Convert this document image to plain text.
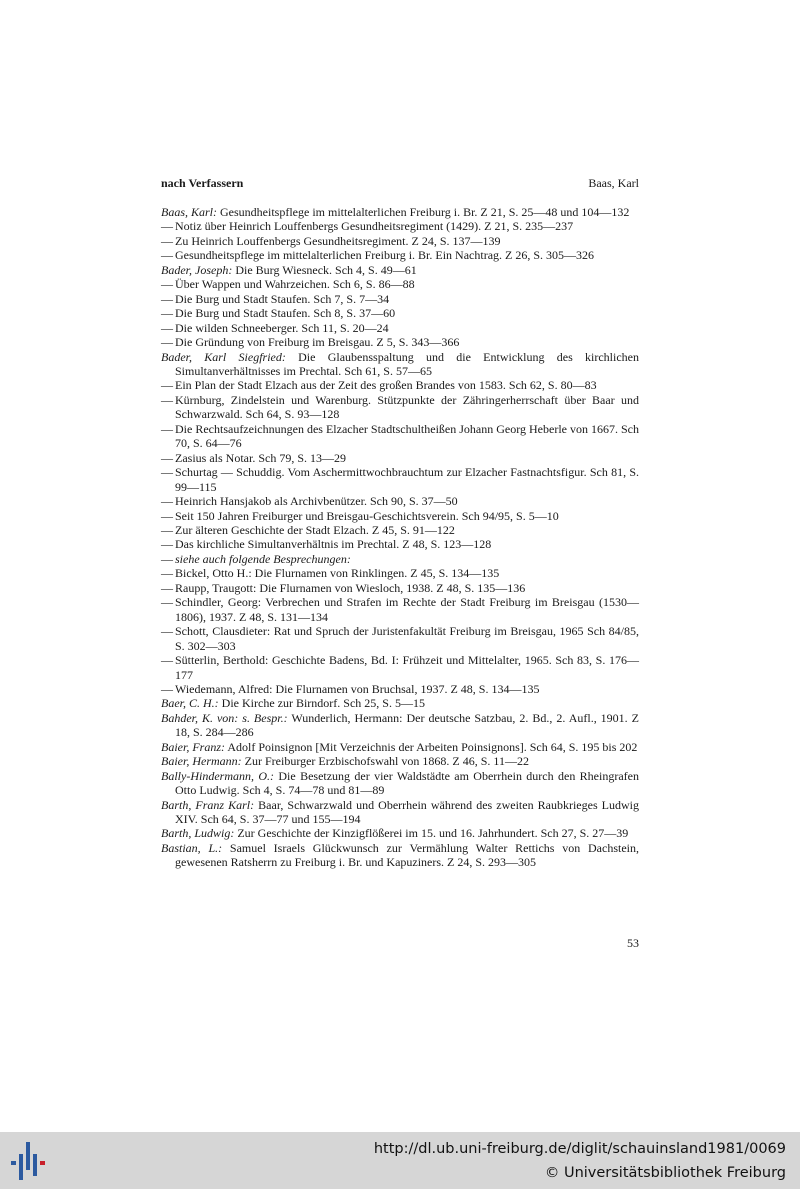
nach Verfassern	Baas, Karl

Baas, Karl: Gesundheitspflege im mittelalterlichen Freiburg i. Br. Z 21, S. 25—48 und 104—132

— Notiz über Heinrich Louffenbergs Gesundheitsregiment (1429). Z 21, S. 235—237

— Zu Heinrich Louffenbergs Gesundheitsregiment. Z 24, S. 137—139

— Gesundheitspflege im mittelalterlichen Freiburg i. Br. Ein Nachtrag. Z 26, S. 305—326

Bader, Joseph: Die Burg Wiesneck. Sch 4, S. 49—61

— Über Wappen und Wahrzeichen. Sch 6, S. 86—88

— Die Burg und Stadt Staufen. Sch 7, S. 7—34

— Die Burg und Stadt Staufen. Sch 8, S. 37—60

— Die wilden Schneeberger. Sch 11, S. 20—24

— Die Gründung von Freiburg im Breisgau. Z 5, S. 343—366

Bader, Karl Siegfried: Die Glaubensspaltung und die Entwicklung des kirchlichen Simultanverhältnisses im Prechtal. Sch 61, S. 57—65

— Ein Plan der Stadt Elzach aus der Zeit des großen Brandes von 1583. Sch 62, S. 80—83

— Kürnburg, Zindelstein und Warenburg. Stützpunkte der Zähringerherrschaft über Baar und Schwarzwald. Sch 64, S. 93—128

— Die Rechtsaufzeichnungen des Elzacher Stadtschultheißen Johann Georg Heberle von 1667. Sch 70, S. 64—76

— Zasius als Notar. Sch 79, S. 13—29

— Schurtag — Schuddig. Vom Aschermittwochbrauchtum zur Elzacher Fastnachtsfigur. Sch 81, S. 99—115

— Heinrich Hansjakob als Archivbenützer. Sch 90, S. 37—50

— Seit 150 Jahren Freiburger und Breisgau-Geschichtsverein. Sch 94/95, S. 5—10

— Zur älteren Geschichte der Stadt Elzach. Z 45, S. 91—122

— Das kirchliche Simultanverhältnis im Prechtal. Z 48, S. 123—128

— siehe auch folgende Besprechungen:

— Bickel, Otto H.: Die Flurnamen von Rinklingen. Z 45, S. 134—135

— Raupp, Traugott: Die Flurnamen von Wiesloch, 1938. Z 48, S. 135—136

— Schindler, Georg: Verbrechen und Strafen im Rechte der Stadt Freiburg im Breisgau (1530—1806), 1937. Z 48, S. 131—134

— Schott, Clausdieter: Rat und Spruch der Juristenfakultät Freiburg im Breisgau, 1965 Sch 84/85, S. 302—303

— Sütterlin, Berthold: Geschichte Badens, Bd. I: Frühzeit und Mittelalter, 1965. Sch 83, S. 176—177

— Wiedemann, Alfred: Die Flurnamen von Bruchsal, 1937. Z 48, S. 134—135

Baer, C. H.: Die Kirche zur Birndorf. Sch 25, S. 5—15

Bahder, K. von: s. Bespr.: Wunderlich, Hermann: Der deutsche Satzbau, 2. Bd., 2. Aufl., 1901. Z 18, S. 284—286

Baier, Franz: Adolf Poinsignon [Mit Verzeichnis der Arbeiten Poinsignons]. Sch 64, S. 195 bis 202

Baier, Hermann: Zur Freiburger Erzbischofswahl von 1868. Z 46, S. 11—22

Bally-Hindermann, O.: Die Besetzung der vier Waldstädte am Oberrhein durch den Rheingrafen Otto Ludwig. Sch 4, S. 74—78 und 81—89

Barth, Franz Karl: Baar, Schwarzwald und Oberrhein während des zweiten Raubkrieges Ludwig XIV. Sch 64, S. 37—77 und 155—194

Barth, Ludwig: Zur Geschichte der Kinzigflößerei im 15. und 16. Jahrhundert. Sch 27, S. 27—39

Bastian, L.: Samuel Israels Glückwunsch zur Vermählung Walter Rettichs von Dachstein, gewesenen Ratsherrn zu Freiburg i. Br. und Kapuziners. Z 24, S. 293—305

53
http://dl.ub.uni-freiburg.de/diglit/schauinsland1981/0069
© Universitätsbibliothek Freiburg
